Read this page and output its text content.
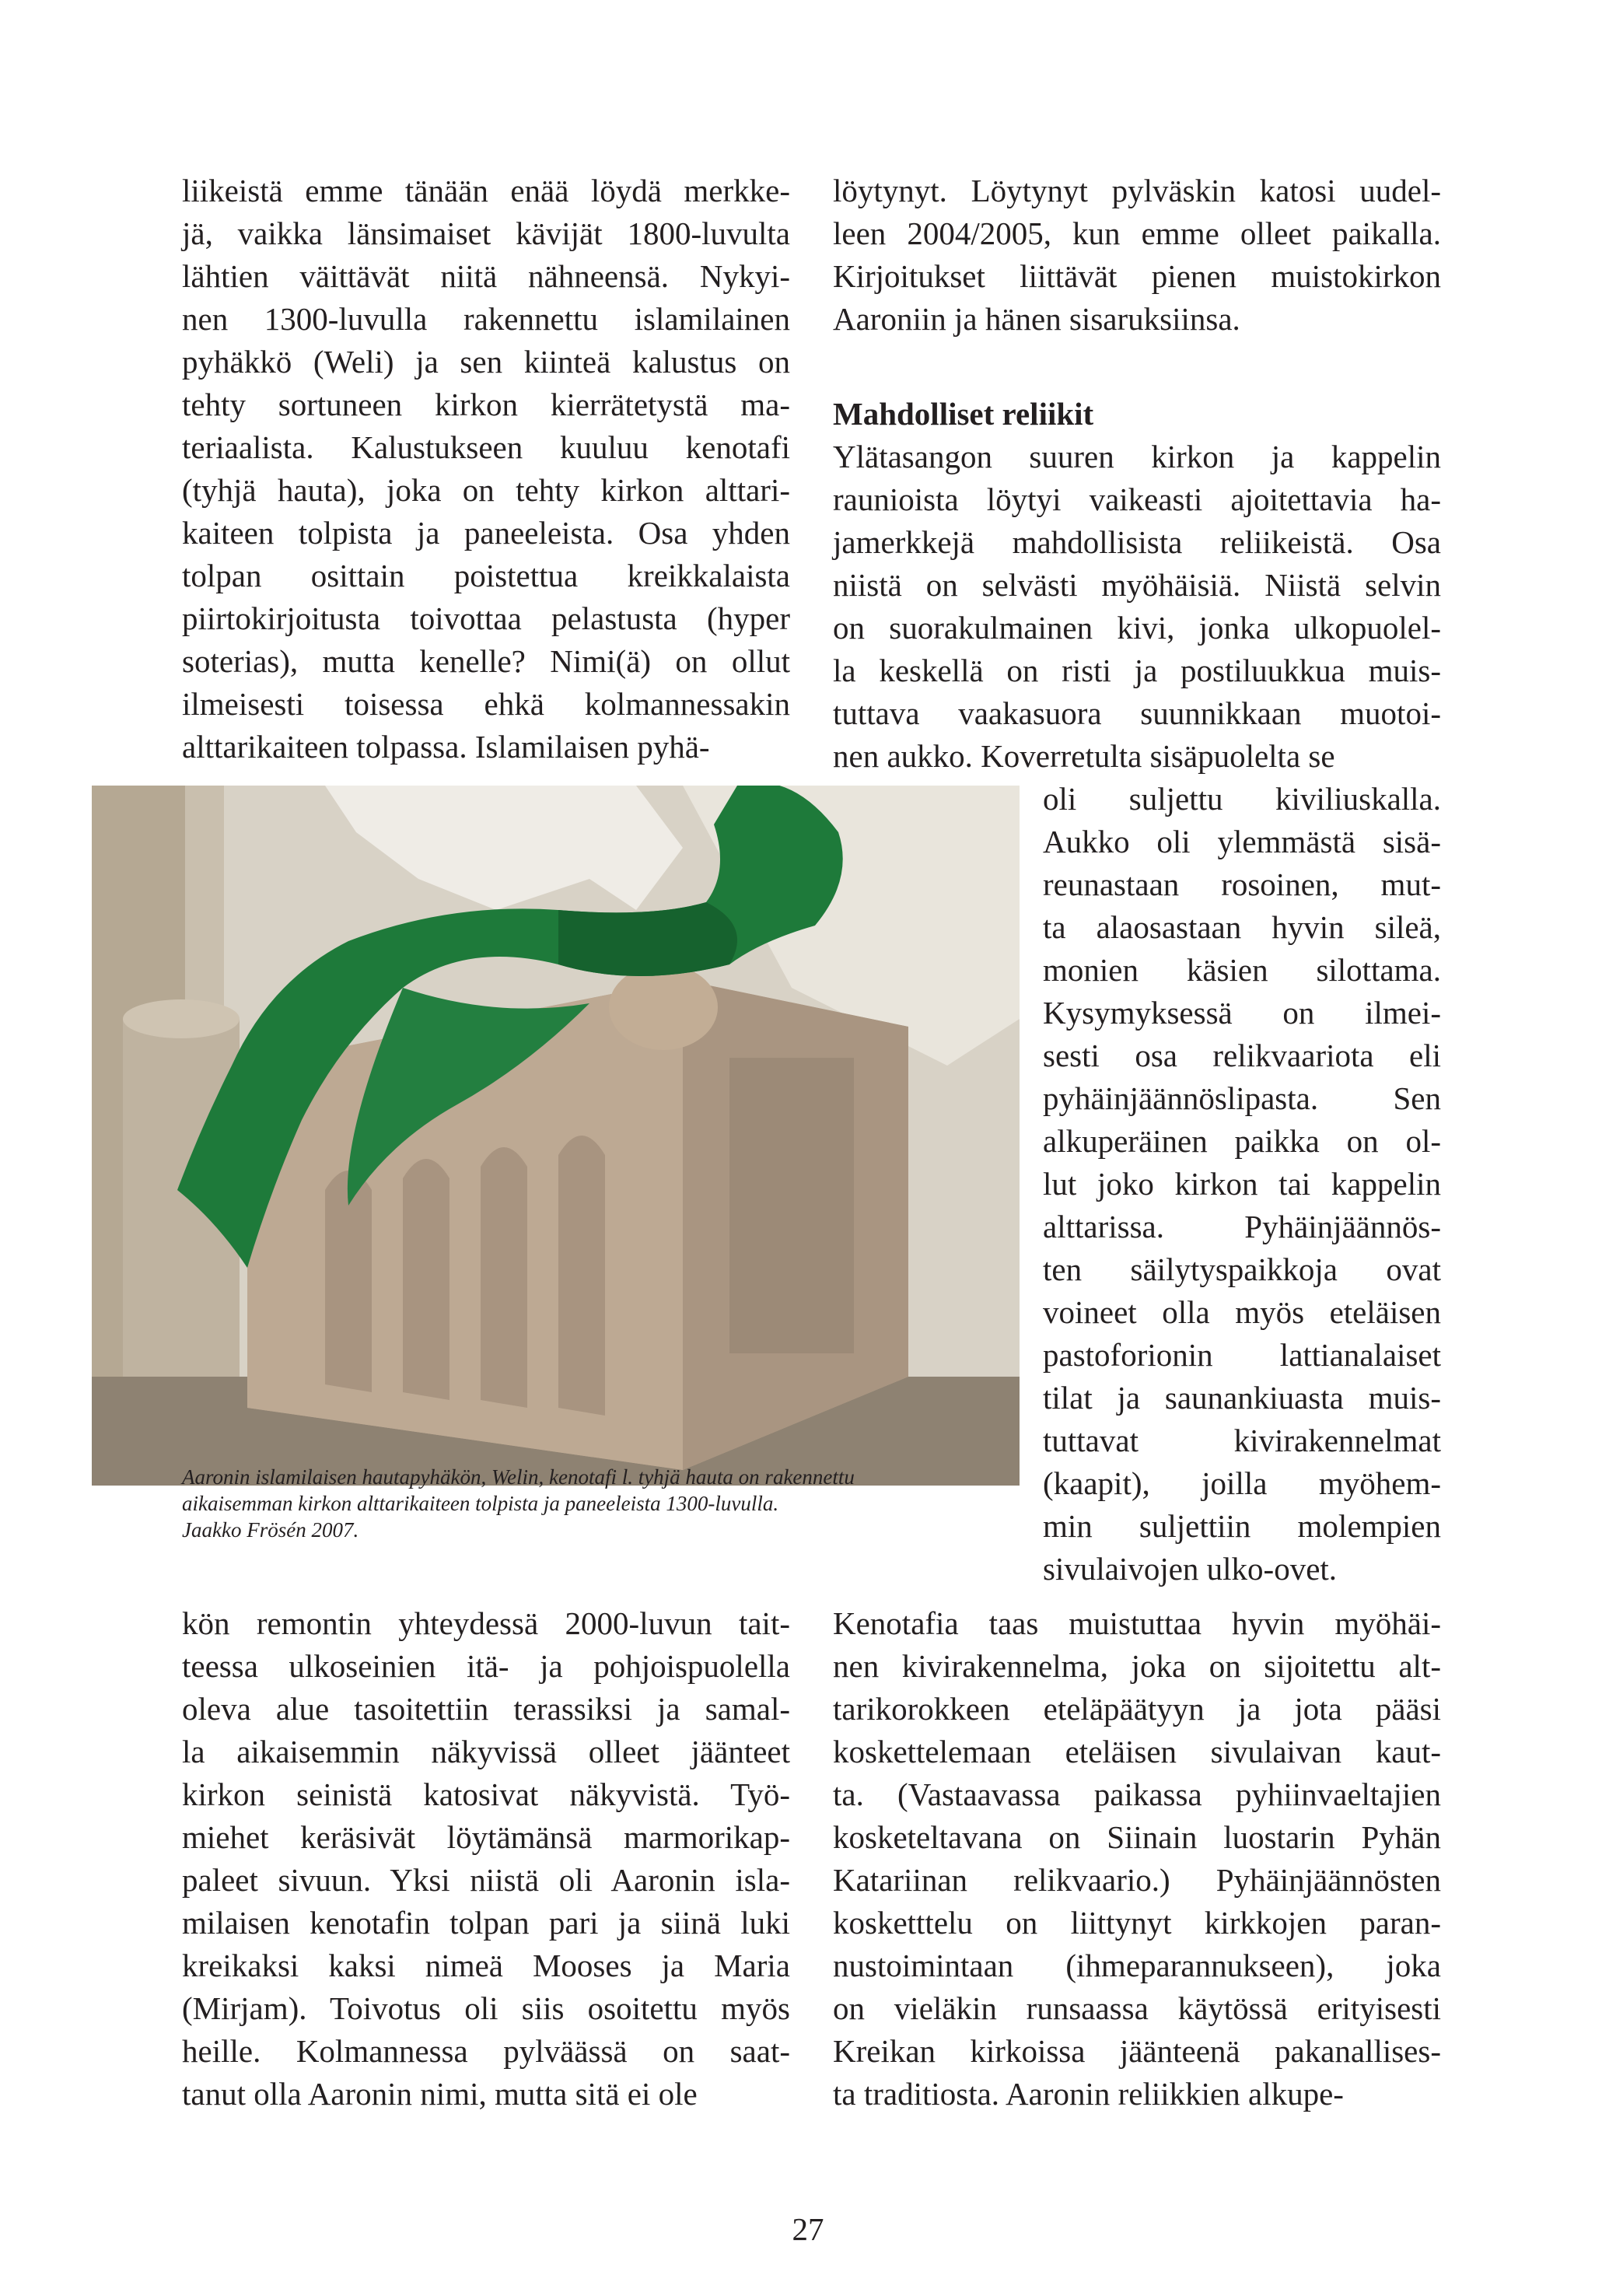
liikeistä emme tänään enää löydä merkke-
jä, vaikka länsimaiset kävijät 1800-luvulta
lähtien väittävät niitä nähneensä. Nykyi-
nen 1300-luvulla rakennettu islamilainen
pyhäkkö (Weli) ja sen kiinteä kalustus on
tehty sortuneen kirkon kierrätetystä ma-
teriaalista. Kalustukseen kuuluu kenotafi
(tyhjä hauta), joka on tehty kirkon alttari-
kaiteen tolpista ja paneeleista. Osa yhden
tolpan osittain poistettua kreikkalaista
piirtokirjoitusta toivottaa pelastusta (hyper
soterias), mutta kenelle? Nimi(ä) on ollut
ilmeisesti toisessa ehkä kolmannessakin
alttarikaiteen tolpassa. Islamilaisen pyhä-
kön remontin yhteydessä 2000-luvun tait-
teessa ulkoseinien itä- ja pohjoispuolella
oleva alue tasoitettiin terassiksi ja samal-
la aikaisemmin näkyvissä olleet jäänteet
kirkon seinistä katosivat näkyvistä. Työ-
miehet keräsivät löytämänsä marmorikap-
paleet sivuun. Yksi niistä oli Aaronin isla-
milaisen kenotafin tolpan pari ja siinä luki
kreikaksi kaksi nimeä Mooses ja Maria
(Mirjam). Toivotus oli siis osoitettu myös
heille. Kolmannessa pylväässä on saat-
tanut olla Aaronin nimi, mutta sitä ei ole
löytynyt. Löytynyt pylväskin katosi uudel-
leen 2004/2005, kun emme olleet paikalla.
Kirjoitukset liittävät pienen muistokirkon
Aaroniin ja hänen sisaruksiinsa.
Mahdolliset reliikit
Ylätasangon suuren kirkon ja kappelin
raunioista löytyi vaikeasti ajoitettavia ha-
jamerkkejä mahdollisista reliikeistä. Osa
niistä on selvästi myöhäisiä. Niistä selvin
on suorakulmainen kivi, jonka ulkopuolel-
la keskellä on risti ja postiluukkua muis-
tuttava vaakasuora suunnikkaan muotoi-
nen aukko. Koverretulta sisäpuolelta se
oli suljettu kiviliuskalla.
Aukko oli ylemmästä sisä-
reunastaan rosoinen, mut-
ta alaosastaan hyvin sileä,
monien käsien silottama.
Kysymyksessä on ilmei-
sesti osa relikvaariota eli
pyhäinjäännöslipasta. Sen
alkuperäinen paikka on ol-
lut joko kirkon tai kappelin
alttarissa. Pyhäinjäännös-
ten säilytyspaikkoja ovat
voineet olla myös eteläisen
pastoforionin lattianalaiset
tilat ja saunankiuasta muis-
tuttavat kivirakennelmat
(kaapit), joilla myöhem-
min suljettiin molempien
sivulaivojen ulko-ovet.
Kenotafia taas muistuttaa hyvin myöhäi-
nen kivirakennelma, joka on sijoitettu alt-
tarikorokkeen eteläpäätyyn ja jota pääsi
koskettelemaan eteläisen sivulaivan kaut-
ta. (Vastaavassa paikassa pyhiinvaeltajien
kosketeltavana on Siinain luostarin Pyhän
Katariinan relikvaario.) Pyhäinjäännösten
kosketttelu on liittynyt kirkkojen paran-
nustoimintaan (ihmeparannukseen), joka
on vieläkin runsaassa käytössä erityisesti
Kreikan kirkoissa jäänteenä pakanallises-
ta traditiosta. Aaronin reliikkien alkupe-
Aaronin islamilaisen hautapyhäkön, Welin, kenotafi l. tyhjä hauta on rakennettu
aikaisemman kirkon alttarikaiteen tolpista ja paneeleista 1300-luvulla.
Jaakko Frösén 2007.
27
